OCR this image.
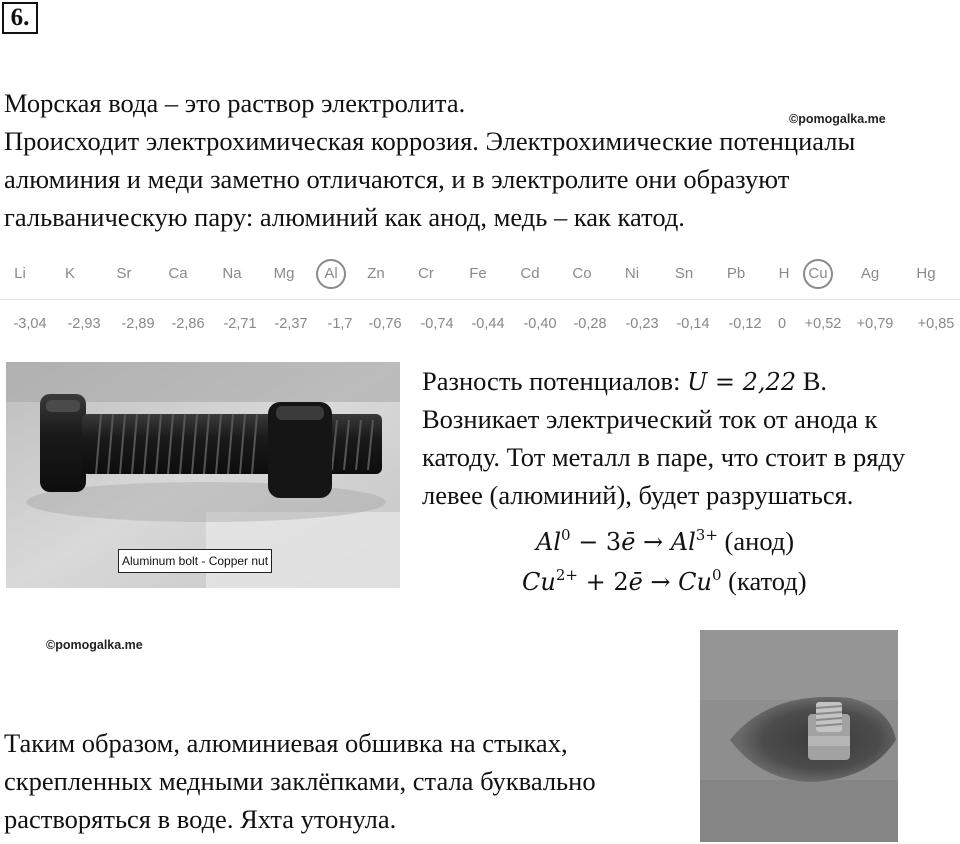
6.
Морская вода – это раствор электролита.
©pomogalka.me
Происходит электрохимическая коррозия. Электрохимические потенциалы
алюминия и меди заметно отличаются, и в электролите они образуют
гальваническую пару: алюминий как анод, медь – как катод.
Li	K	Sr Ca Na Mg Al Zn Cr Fe Cd Co Ni Sn Pb H Cu Ag Hg
-3,04 -2,93 -2,89 -2,86 -2,71 -2,37 -1,7 -0,76 -0,74 -0,44 -0,40 -0,28 -0,23 -0,14 -0,12 0 +0,52 +0,79 +0,85
Aluminum bolt - Copper nut
Разность потенциалов: U = 2,22 В.
Возникает электрический ток от анода к
катоду. Тот металл в паре, что стоит в ряду
левее (алюминий), будет разрушаться.
$Al^0$ − 3ē → $Al^{3+}$ (анод)
$Cu^{2+}$ + 2ē → $Cu^0$ (катод)
©pomogalka.me
Таким образом, алюминиевая обшивка на стыках,
скрепленных медными заклёпками, стала буквально
растворяться в воде. Яхта утонула.
